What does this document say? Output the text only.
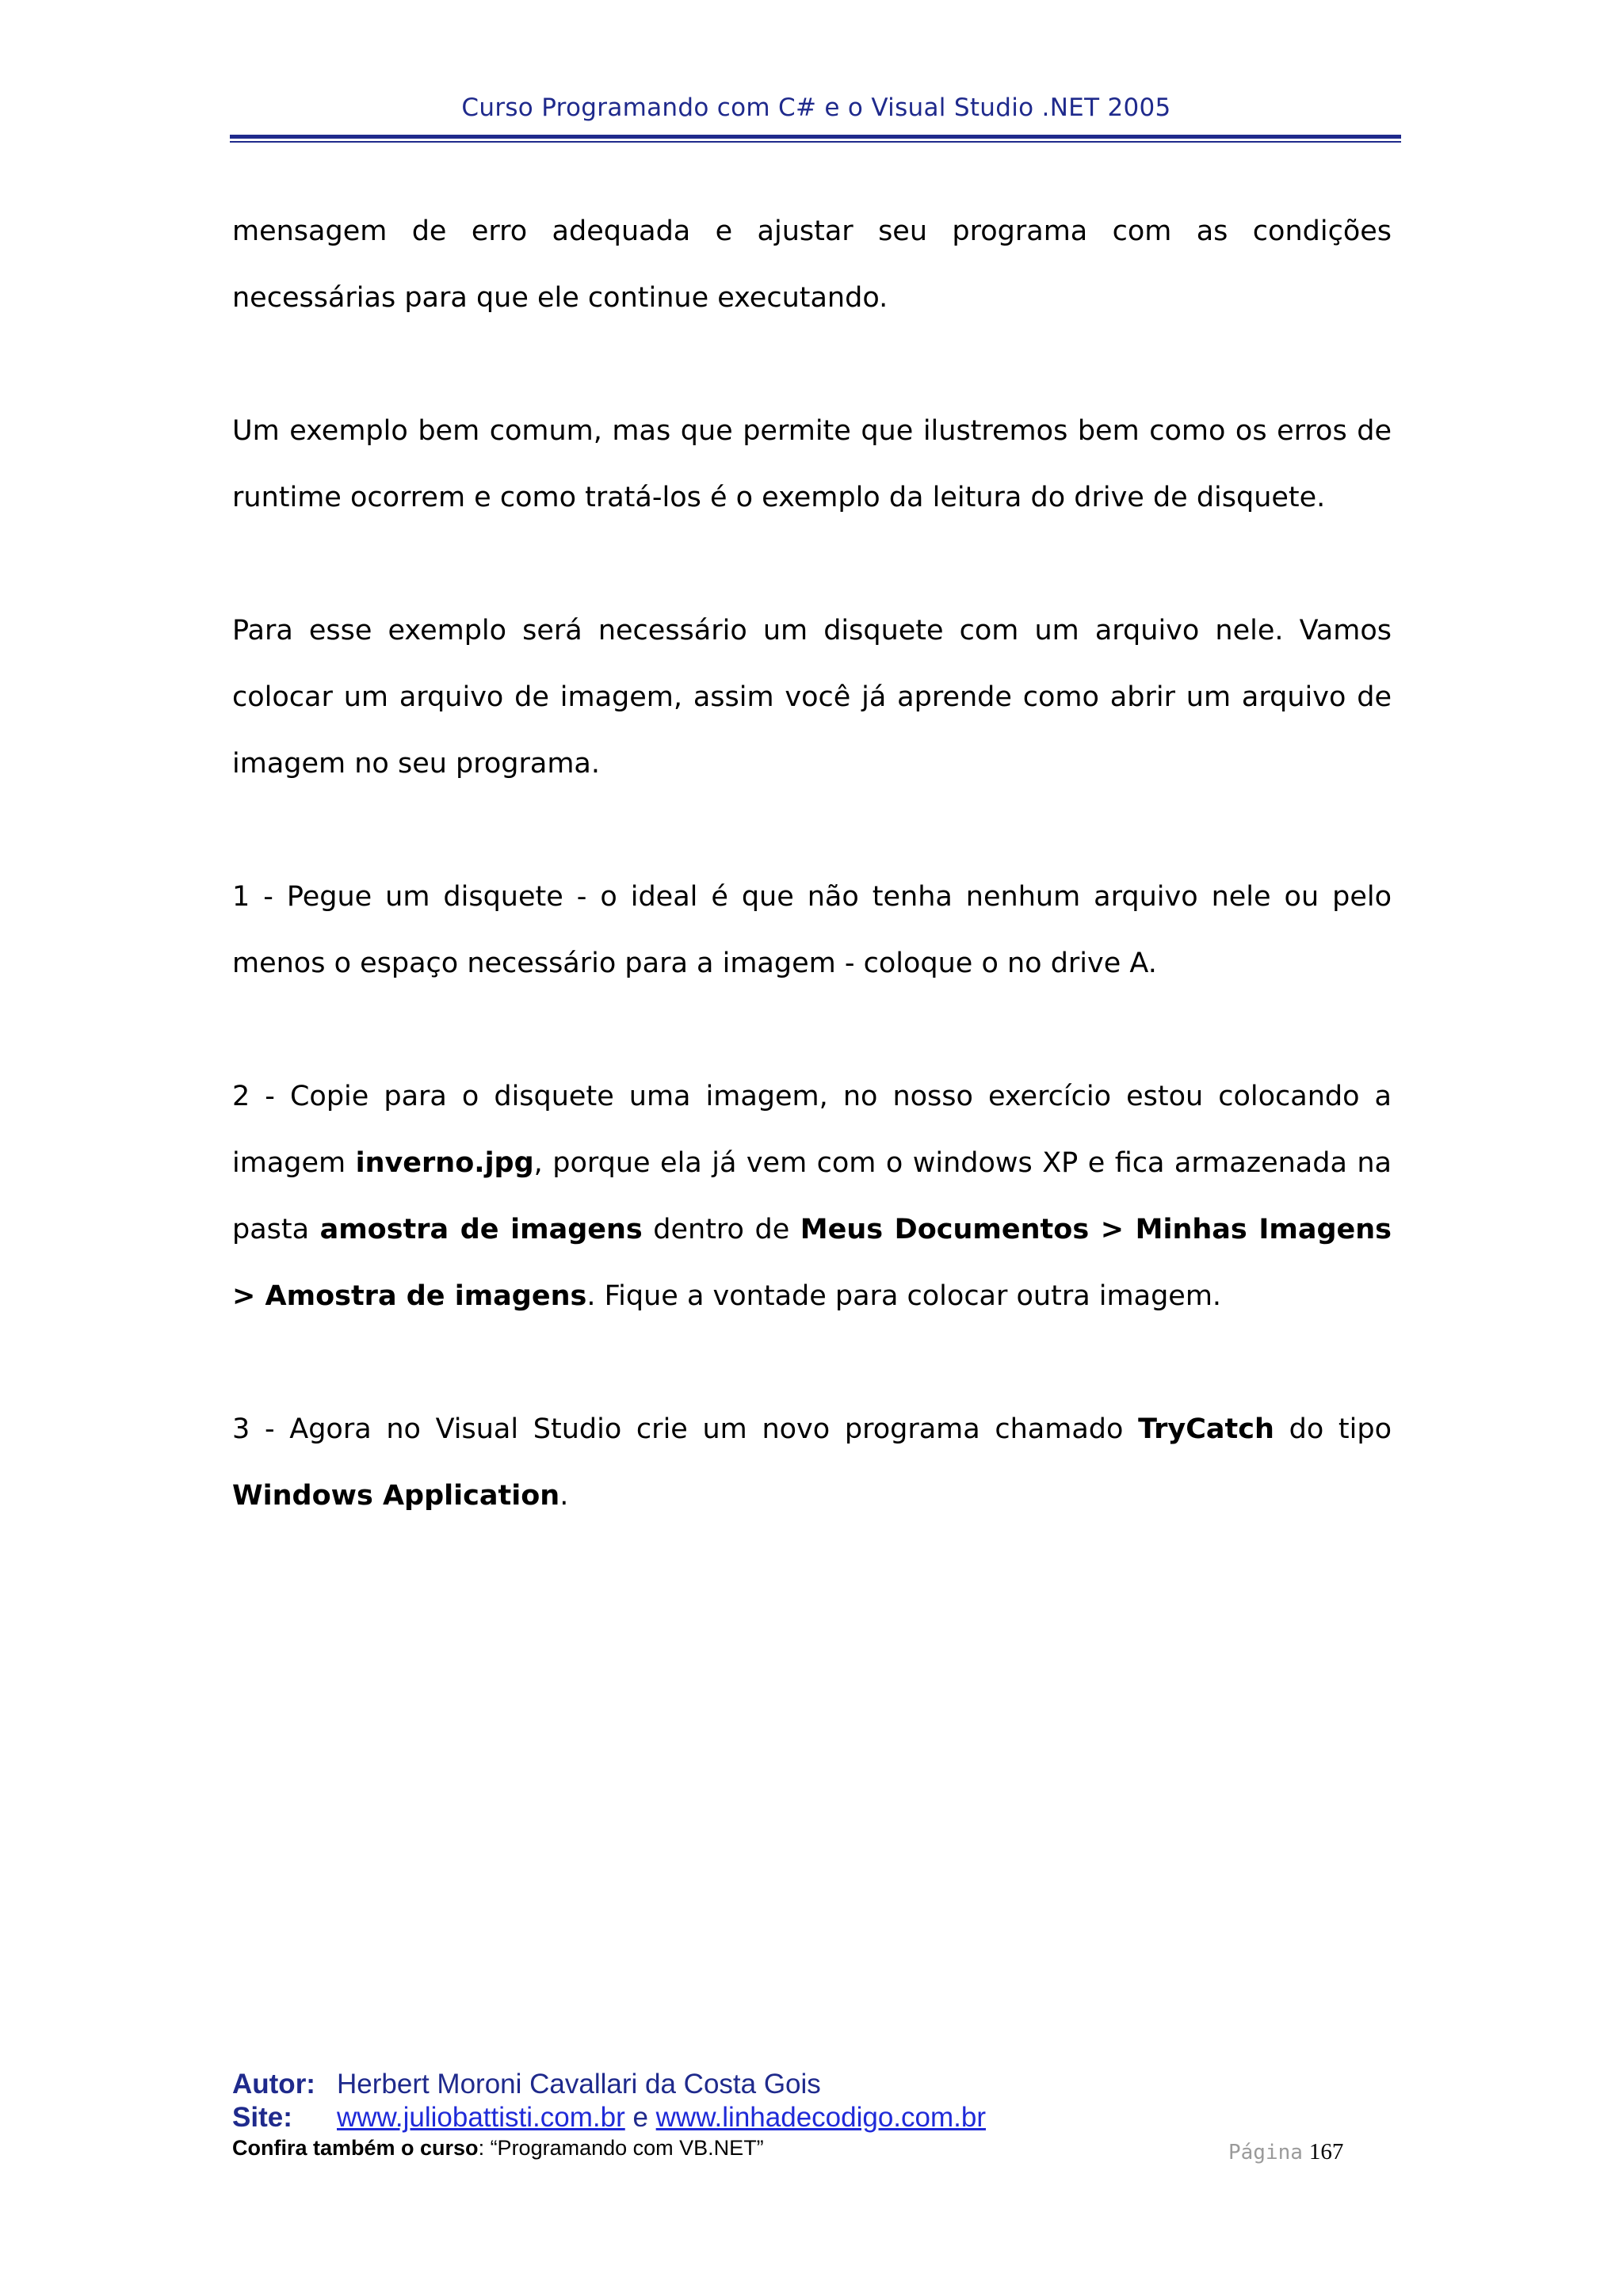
Curso Programando com C# e o Visual Studio .NET 2005

mensagem de erro adequada e ajustar seu programa com as condições necessárias para que ele continue executando.

Um exemplo bem comum, mas que permite que ilustremos bem como os erros de runtime ocorrem e como tratá-los é o exemplo da leitura do drive de disquete.

Para esse exemplo será necessário um disquete com um arquivo nele. Vamos colocar um arquivo de imagem, assim você já aprende como abrir um arquivo de imagem no seu programa.

1 - Pegue um disquete - o ideal é que não tenha nenhum arquivo nele ou pelo menos o espaço necessário para a imagem - coloque o no drive A.

2 - Copie para o disquete uma imagem, no nosso exercício estou colocando a imagem inverno.jpg, porque ela já vem com o windows XP e fica armazenada na pasta amostra de imagens dentro de Meus Documentos > Minhas Imagens > Amostra de imagens. Fique a vontade para colocar outra imagem.

3 - Agora no Visual Studio crie um novo programa chamado TryCatch do tipo Windows Application.

Autor: Herbert Moroni Cavallari da Costa Gois
Site: www.juliobattisti.com.br e www.linhadecodigo.com.br
Confira também o curso: “Programando com VB.NET”	Página 167
